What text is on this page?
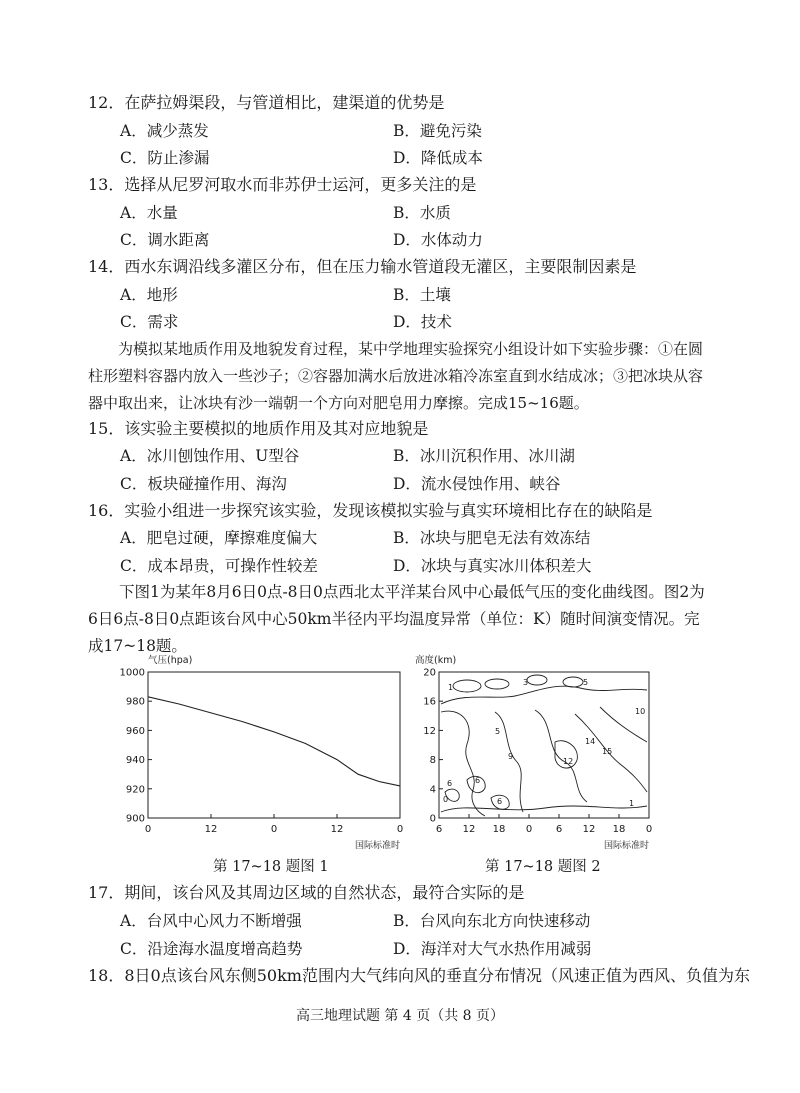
12．在萨拉姆渠段，与管道相比，建渠道的优势是
A．减少蒸发	B．避免污染
C．防止渗漏	D．降低成本
13．选择从尼罗河取水而非苏伊士运河，更多关注的是
A．水量	B．水质
C．调水距离	D．水体动力
14．西水东调沿线多灌区分布，但在压力输水管道段无灌区，主要限制因素是
A．地形	B．土壤
C．需求	D．技术
为模拟某地质作用及地貌发育过程，某中学地理实验探究小组设计如下实验步骤：①在圆柱形塑料容器内放入一些沙子；②容器加满水后放进冰箱冷冻室直到水结成冰；③把冰块从容器中取出来，让冰块有沙一端朝一个方向对肥皂用力摩擦。完成15~16题。
15．该实验主要模拟的地质作用及其对应地貌是
A．冰川刨蚀作用、U型谷	B．冰川沉积作用、冰川湖
C．板块碰撞作用、海沟	D．流水侵蚀作用、峡谷
16．实验小组进一步探究该实验，发现该模拟实验与真实环境相比存在的缺陷是
A．肥皂过硬，摩擦难度偏大	B．冰块与肥皂无法有效冻结
C．成本昂贵，可操作性较差	D．冰块与真实冰川体积差大
下图1为某年8月6日0点-8日0点西北太平洋某台风中心最低气压的变化曲线图。图2为6日6点-8日0点距该台风中心50km半径内平均温度异常（单位：K）随时间演变情况。完成17~18题。
气压(hpa)
1000
980
960
940
920
900
0	12	0	12	0
国际标准时
第 17~18 题图 1
高度(km)
20
16
12
8
4
0
6 12 18 0 6 12 18 0
1
3	5
10
9
12
14
15
5
6	6
6
0	1
国际标准时
第 17~18 题图 2
17．期间，该台风及其周边区域的自然状态，最符合实际的是
A．台风中心风力不断增强	B．台风向东北方向快速移动
C．沿途海水温度增高趋势	D．海洋对大气水热作用减弱
18．8日0点该台风东侧50km范围内大气纬向风的垂直分布情况（风速正值为西风、负值为东
高三地理试题 第 4 页（共 8 页）
